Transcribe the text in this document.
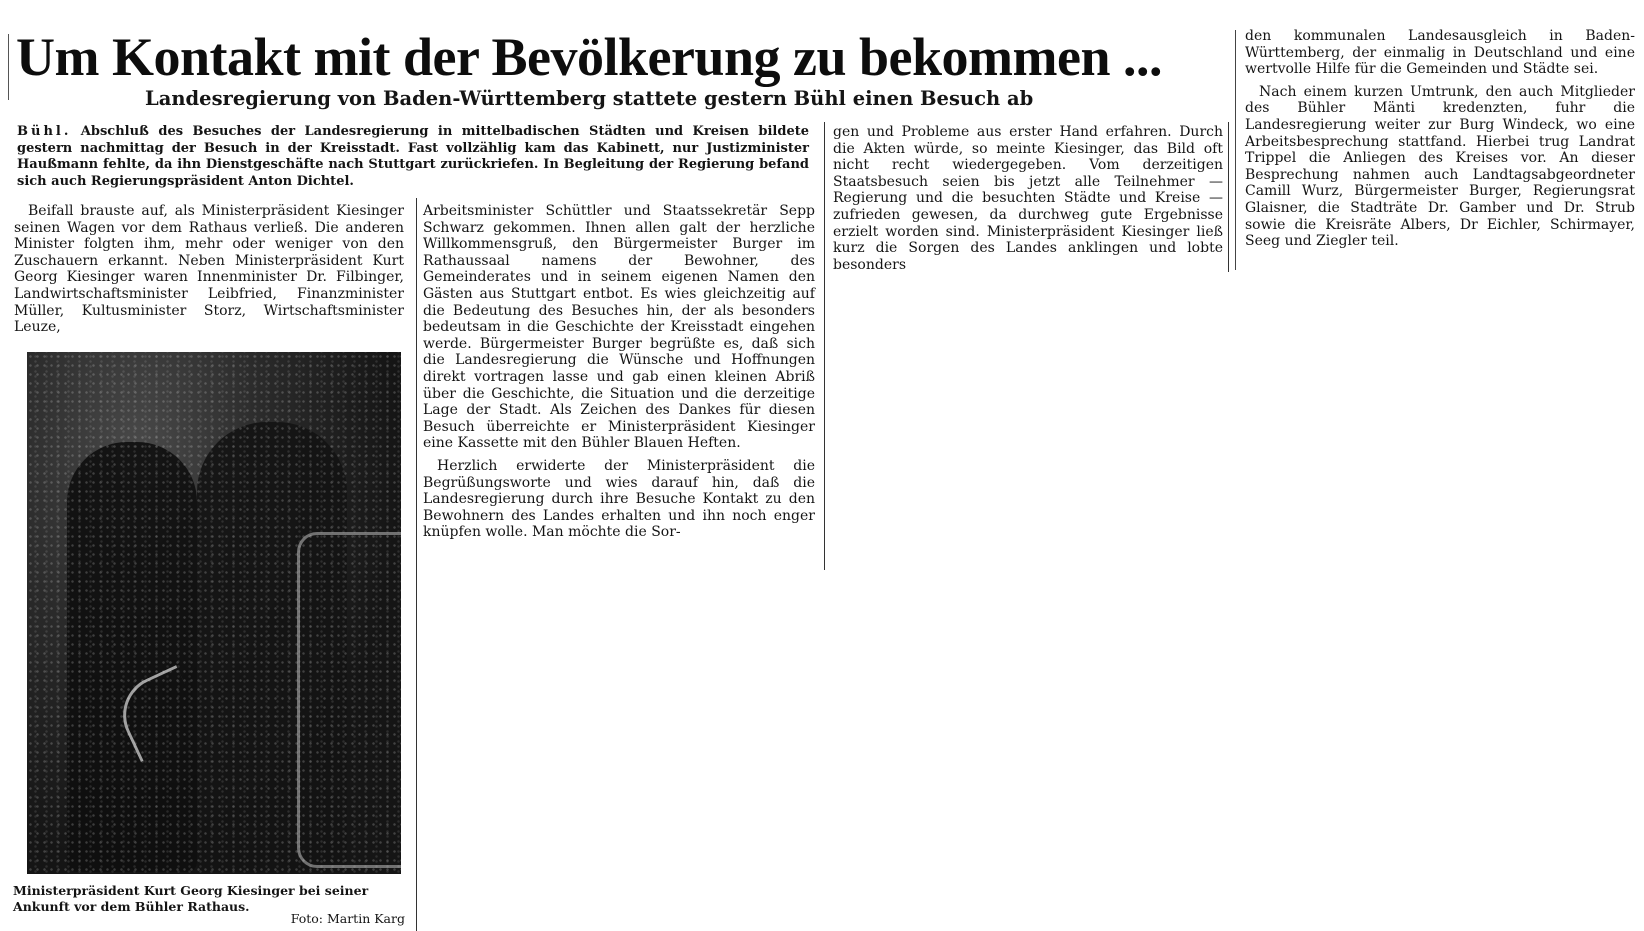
Um Kontakt mit der Bevölkerung zu bekommen ...
Landesregierung von Baden-Württemberg stattete gestern Bühl einen Besuch ab

Bühl. Abschluß des Besuches der Landesregierung in mittelbadischen Städten und Kreisen bildete gestern nachmittag der Besuch in der Kreisstadt. Fast vollzählig kam das Kabinett, nur Justizminister Haußmann fehlte, da ihn Dienstgeschäfte nach Stuttgart zurückriefen. In Begleitung der Regierung befand sich auch Regierungspräsident Anton Dichtel.

Beifall brauste auf, als Ministerpräsident Kiesinger seinen Wagen vor dem Rathaus verließ. Die anderen Minister folgten ihm, mehr oder weniger von den Zuschauern erkannt. Neben Ministerpräsident Kurt Georg Kiesinger waren Innenminister Dr. Filbinger, Landwirtschaftsminister Leibfried, Finanzminister Müller, Kultusminister Storz, Wirtschaftsminister Leuze,

Ministerpräsident Kurt Georg Kiesinger bei seiner Ankunft vor dem Bühler Rathaus.

Foto: Martin Karg

Arbeitsminister Schüttler und Staatssekretär Sepp Schwarz gekommen. Ihnen allen galt der herzliche Willkommensgruß, den Bürgermeister Burger im Rathaussaal namens der Bewohner, des Gemeinderates und in seinem eigenen Namen den Gästen aus Stuttgart entbot. Es wies gleichzeitig auf die Bedeutung des Besuches hin, der als besonders bedeutsam in die Geschichte der Kreisstadt eingehen werde. Bürgermeister Burger begrüßte es, daß sich die Landesregierung die Wünsche und Hoffnungen direkt vortragen lasse und gab einen kleinen Abriß über die Geschichte, die Situation und die derzeitige Lage der Stadt. Als Zeichen des Dankes für diesen Besuch überreichte er Ministerpräsident Kiesinger eine Kassette mit den Bühler Blauen Heften.

Herzlich erwiderte der Ministerpräsident die Begrüßungsworte und wies darauf hin, daß die Landesregierung durch ihre Besuche Kontakt zu den Bewohnern des Landes erhalten und ihn noch enger knüpfen wolle. Man möchte die Sor-

gen und Probleme aus erster Hand erfahren. Durch die Akten würde, so meinte Kiesinger, das Bild oft nicht recht wiedergegeben. Vom derzeitigen Staatsbesuch seien bis jetzt alle Teilnehmer — Regierung und die besuchten Städte und Kreise — zufrieden gewesen, da durchweg gute Ergebnisse erzielt worden sind. Ministerpräsident Kiesinger ließ kurz die Sorgen des Landes anklingen und lobte besonders

den kommunalen Landesausgleich in Baden-Württemberg, der einmalig in Deutschland und eine wertvolle Hilfe für die Gemeinden und Städte sei.

Nach einem kurzen Umtrunk, den auch Mitglieder des Bühler Mänti kredenzten, fuhr die Landesregierung weiter zur Burg Windeck, wo eine Arbeitsbesprechung stattfand. Hierbei trug Landrat Trippel die Anliegen des Kreises vor. An dieser Besprechung nahmen auch Landtagsabgeordneter Camill Wurz, Bürgermeister Burger, Regierungsrat Glaisner, die Stadträte Dr. Gamber und Dr. Strub sowie die Kreisräte Albers, Dr Eichler, Schirmayer, Seeg und Ziegler teil.
